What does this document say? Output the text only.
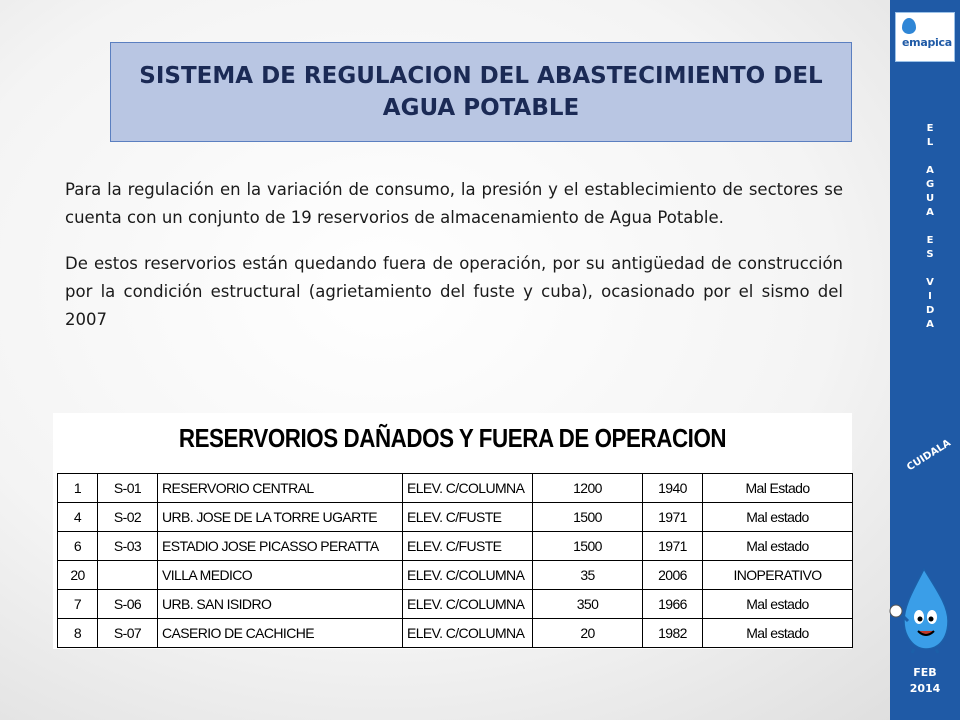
SISTEMA DE REGULACION DEL ABASTECIMIENTO DEL AGUA POTABLE

Para la regulación en la variación de consumo, la presión y el establecimiento de sectores se cuenta con un conjunto de 19 reservorios de almacenamiento de Agua Potable.

De estos reservorios están quedando fuera de operación, por su antigüedad de construcción por la condición estructural (agrietamiento del fuste y cuba), ocasionado por el sismo del 2007

RESERVORIOS DAÑADOS Y FUERA DE OPERACION
1	S-01	RESERVORIO CENTRAL	ELEV. C/COLUMNA	1200	1940	Mal Estado
4	S-02	URB. JOSE DE LA TORRE UGARTE	ELEV. C/FUSTE	1500	1971	Mal estado
6	S-03	ESTADIO JOSE PICASSO PERATTA	ELEV. C/FUSTE	1500	1971	Mal estado
20		VILLA MEDICO	ELEV. C/COLUMNA	35	2006	INOPERATIVO
7	S-06	URB. SAN ISIDRO	ELEV. C/COLUMNA	350	1966	Mal estado
8	S-07	CASERIO DE CACHICHE	ELEV. C/COLUMNA	20	1982	Mal estado
emapica
EL
AGUA
ES
VIDA
CUIDALA
FEB
2014
